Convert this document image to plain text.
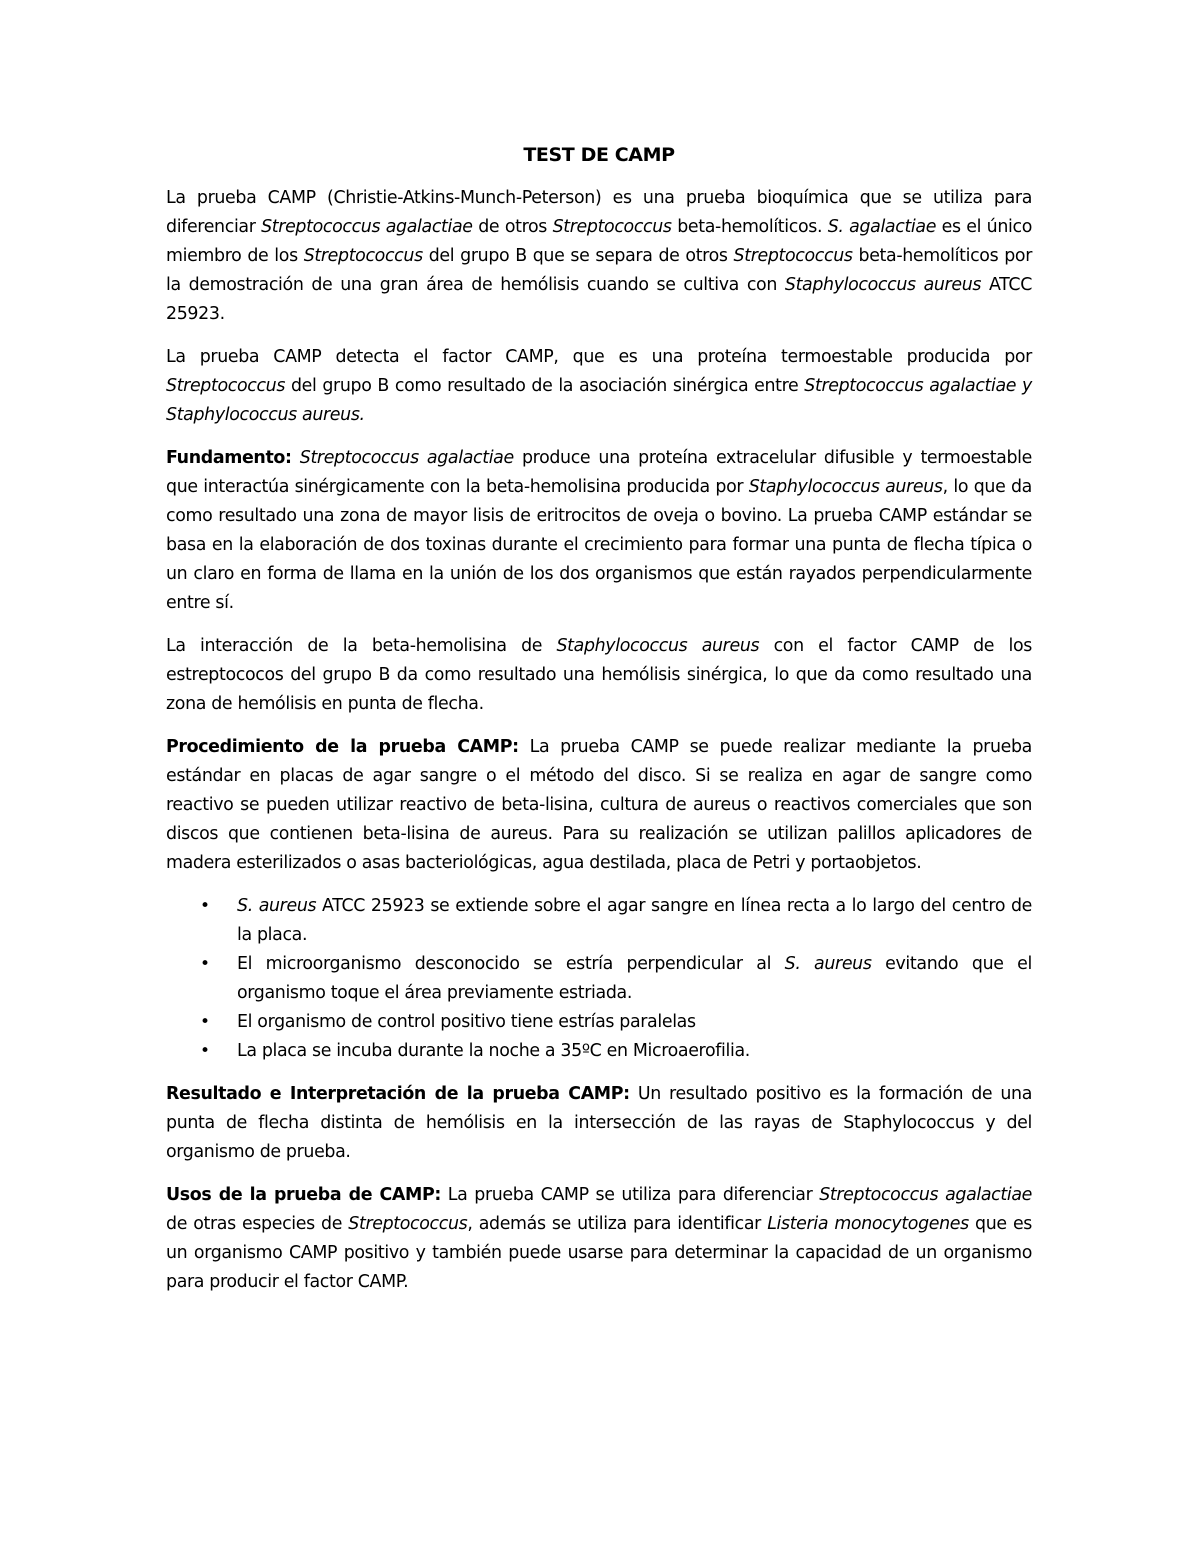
TEST DE CAMP

La prueba CAMP (Christie-Atkins-Munch-Peterson) es una prueba bioquímica que se utiliza para diferenciar Streptococcus agalactiae de otros Streptococcus beta-hemolíticos. S. agalactiae es el único miembro de los Streptococcus del grupo B que se separa de otros Streptococcus beta-hemolíticos por la demostración de una gran área de hemólisis cuando se cultiva con Staphylococcus aureus ATCC 25923.

La prueba CAMP detecta el factor CAMP, que es una proteína termoestable producida por Streptococcus del grupo B como resultado de la asociación sinérgica entre Streptococcus agalactiae y Staphylococcus aureus.

Fundamento: Streptococcus agalactiae produce una proteína extracelular difusible y termoestable que interactúa sinérgicamente con la beta-hemolisina producida por Staphylococcus aureus, lo que da como resultado una zona de mayor lisis de eritrocitos de oveja o bovino. La prueba CAMP estándar se basa en la elaboración de dos toxinas durante el crecimiento para formar una punta de flecha típica o un claro en forma de llama en la unión de los dos organismos que están rayados perpendicularmente entre sí.

La interacción de la beta-hemolisina de Staphylococcus aureus con el factor CAMP de los estreptococos del grupo B da como resultado una hemólisis sinérgica, lo que da como resultado una zona de hemólisis en punta de flecha.

Procedimiento de la prueba CAMP: La prueba CAMP se puede realizar mediante la prueba estándar en placas de agar sangre o el método del disco. Si se realiza en agar de sangre como reactivo se pueden utilizar reactivo de beta-lisina, cultura de aureus o reactivos comerciales que son discos que contienen beta-lisina de aureus. Para su realización se utilizan palillos aplicadores de madera esterilizados o asas bacteriológicas, agua destilada, placa de Petri y portaobjetos.

• S. aureus ATCC 25923 se extiende sobre el agar sangre en línea recta a lo largo del centro de la placa.
• El microorganismo desconocido se estría perpendicular al S. aureus evitando que el organismo toque el área previamente estriada.
• El organismo de control positivo tiene estrías paralelas
• La placa se incuba durante la noche a 35ºC en Microaerofilia.

Resultado e Interpretación de la prueba CAMP: Un resultado positivo es la formación de una punta de flecha distinta de hemólisis en la intersección de las rayas de Staphylococcus y del organismo de prueba.

Usos de la prueba de CAMP: La prueba CAMP se utiliza para diferenciar Streptococcus agalactiae de otras especies de Streptococcus, además se utiliza para identificar Listeria monocytogenes que es un organismo CAMP positivo y también puede usarse para determinar la capacidad de un organismo para producir el factor CAMP.
